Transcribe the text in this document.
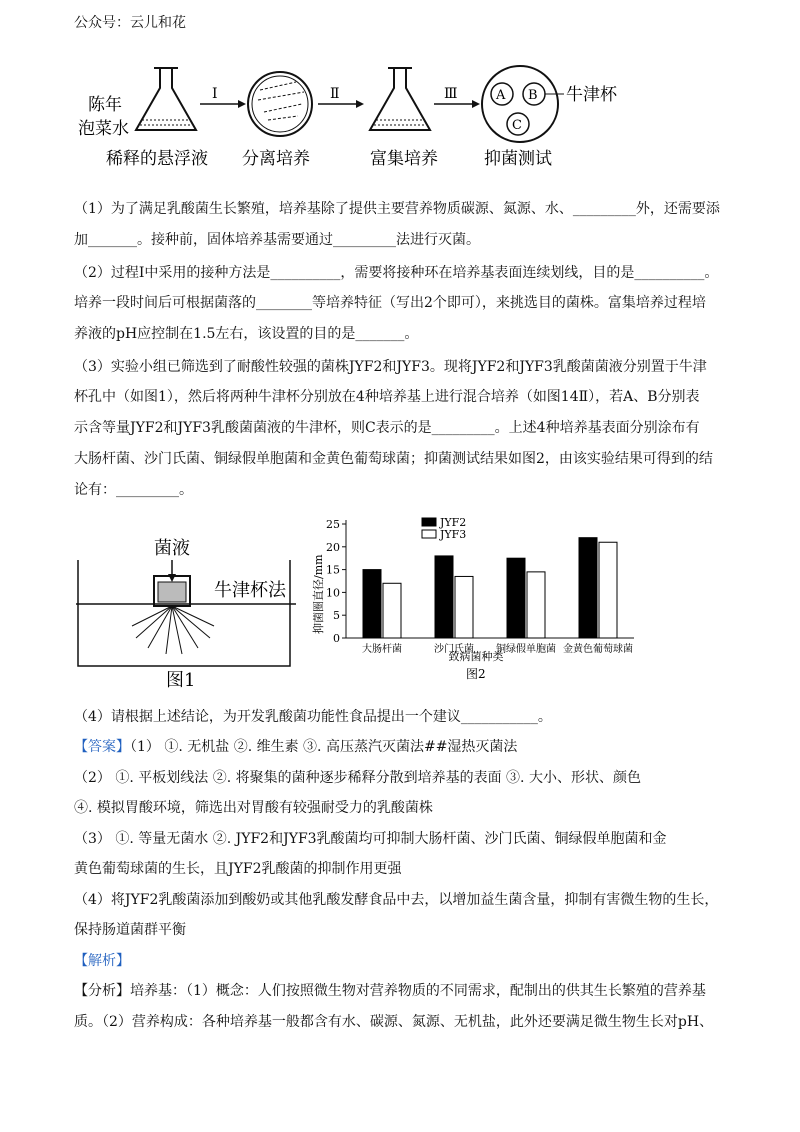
公众号：云儿和花
陈年
泡菜水
Ⅰ	Ⅱ	Ⅲ	A B
C
牛津杯
稀释的悬浮液 分离培养	富集培养	抑菌测试
（1）为了满足乳酸菌生长繁殖，培养基除了提供主要营养物质碳源、氮源、水、_________外，还需要添
加_______。接种前，固体培养基需要通过_________法进行灭菌。
（2）过程Ⅰ中采用的接种方法是__________，需要将接种环在培养基表面连续划线，目的是__________。
培养一段时间后可根据菌落的________等培养特征（写出2个即可），来挑选目的菌株。富集培养过程培
养液的pH应控制在1.5左右，该设置的目的是_______。
（3）实验小组已筛选到了耐酸性较强的菌株JYF2和JYF3。现将JYF2和JYF3乳酸菌菌液分别置于牛津
杯孔中（如图1），然后将两种牛津杯分别放在4种培养基上进行混合培养（如图14Ⅱ），若A、B分别表
示含等量JYF2和JYF3乳酸菌菌液的牛津杯，则C表示的是_________。上述4种培养基表面分别涂布有
大肠杆菌、沙门氏菌、铜绿假单胞菌和金黄色葡萄球菌；抑菌测试结果如图2，由该实验结果可得到的结
论有：_________。
菌液
牛津杯法
图1
抑菌圈直径/mm
0
5
10
15
20
25
大肠杆菌	沙门氏菌 铜绿假单胞菌 金黄色葡萄球菌
JYF2
JYF3
致病菌种类
图2
（4）请根据上述结论，为开发乳酸菌功能性食品提出一个建议___________。
【答案】（1） ①. 无机盐 ②. 维生素 ③. 高压蒸汽灭菌法##湿热灭菌法
（2） ①. 平板划线法 ②. 将聚集的菌种逐步稀释分散到培养基的表面 ③. 大小、形状、颜色
④. 模拟胃酸环境，筛选出对胃酸有较强耐受力的乳酸菌株
（3） ①. 等量无菌水 ②. JYF2和JYF3乳酸菌均可抑制大肠杆菌、沙门氏菌、铜绿假单胞菌和金
黄色葡萄球菌的生长，且JYF2乳酸菌的抑制作用更强
（4）将JYF2乳酸菌添加到酸奶或其他乳酸发酵食品中去，以增加益生菌含量，抑制有害微生物的生长，
保持肠道菌群平衡
【解析】
【分析】培养基：（1）概念：人们按照微生物对营养物质的不同需求，配制出的供其生长繁殖的营养基
质。（2）营养构成：各种培养基一般都含有水、碳源、氮源、无机盐，此外还要满足微生物生长对pH、
